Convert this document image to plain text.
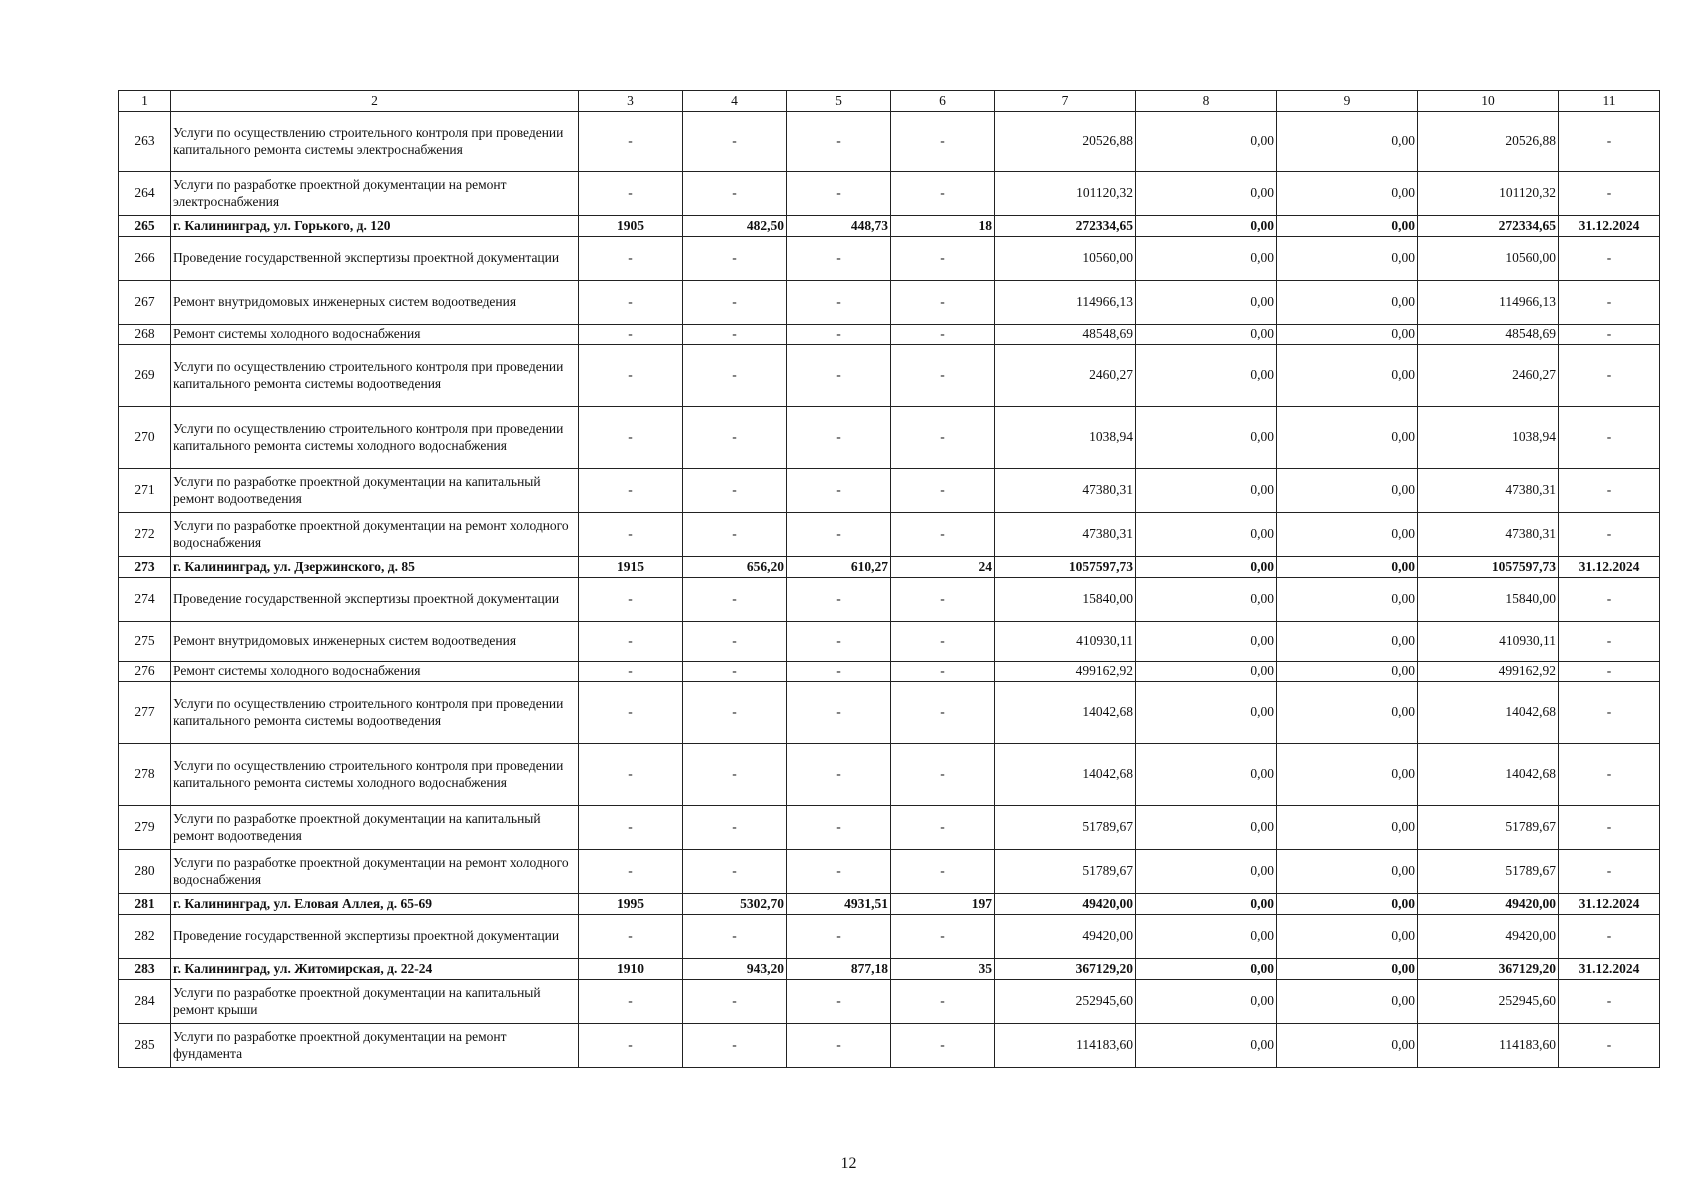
1	2	3	4	5	6	7	8	9	10	11
263	Услуги по осуществлению строительного контроля при проведении капитального ремонта системы электроснабжения	-	-	-	-	20526,88	0,00	0,00	20526,88	-
264	Услуги по разработке проектной документации на ремонт электроснабжения	-	-	-	-	101120,32	0,00	0,00	101120,32	-
265	г. Калининград, ул. Горького, д. 120	1905	482,50	448,73	18	272334,65	0,00	0,00	272334,65	31.12.2024
266	Проведение государственной экспертизы проектной документации	-	-	-	-	10560,00	0,00	0,00	10560,00	-
267	Ремонт внутридомовых инженерных систем водоотведения	-	-	-	-	114966,13	0,00	0,00	114966,13	-
268	Ремонт системы холодного водоснабжения	-	-	-	-	48548,69	0,00	0,00	48548,69	-
269	Услуги по осуществлению строительного контроля при проведении капитального ремонта системы водоотведения	-	-	-	-	2460,27	0,00	0,00	2460,27	-
270	Услуги по осуществлению строительного контроля при проведении капитального ремонта системы холодного водоснабжения	-	-	-	-	1038,94	0,00	0,00	1038,94	-
271	Услуги по разработке проектной документации на капитальный ремонт водоотведения	-	-	-	-	47380,31	0,00	0,00	47380,31	-
272	Услуги по разработке проектной документации на ремонт холодного водоснабжения	-	-	-	-	47380,31	0,00	0,00	47380,31	-
273	г. Калининград, ул. Дзержинского, д. 85	1915	656,20	610,27	24	1057597,73	0,00	0,00	1057597,73	31.12.2024
274	Проведение государственной экспертизы проектной документации	-	-	-	-	15840,00	0,00	0,00	15840,00	-
275	Ремонт внутридомовых инженерных систем водоотведения	-	-	-	-	410930,11	0,00	0,00	410930,11	-
276	Ремонт системы холодного водоснабжения	-	-	-	-	499162,92	0,00	0,00	499162,92	-
277	Услуги по осуществлению строительного контроля при проведении капитального ремонта системы водоотведения	-	-	-	-	14042,68	0,00	0,00	14042,68	-
278	Услуги по осуществлению строительного контроля при проведении капитального ремонта системы холодного водоснабжения	-	-	-	-	14042,68	0,00	0,00	14042,68	-
279	Услуги по разработке проектной документации на капитальный ремонт водоотведения	-	-	-	-	51789,67	0,00	0,00	51789,67	-
280	Услуги по разработке проектной документации на ремонт холодного водоснабжения	-	-	-	-	51789,67	0,00	0,00	51789,67	-
281	г. Калининград, ул. Еловая Аллея, д. 65-69	1995	5302,70	4931,51	197	49420,00	0,00	0,00	49420,00	31.12.2024
282	Проведение государственной экспертизы проектной документации	-	-	-	-	49420,00	0,00	0,00	49420,00	-
283	г. Калининград, ул. Житомирская, д. 22-24	1910	943,20	877,18	35	367129,20	0,00	0,00	367129,20	31.12.2024
284	Услуги по разработке проектной документации на капитальный ремонт крыши	-	-	-	-	252945,60	0,00	0,00	252945,60	-
285	Услуги по разработке проектной документации на ремонт фундамента	-	-	-	-	114183,60	0,00	0,00	114183,60	-
12
